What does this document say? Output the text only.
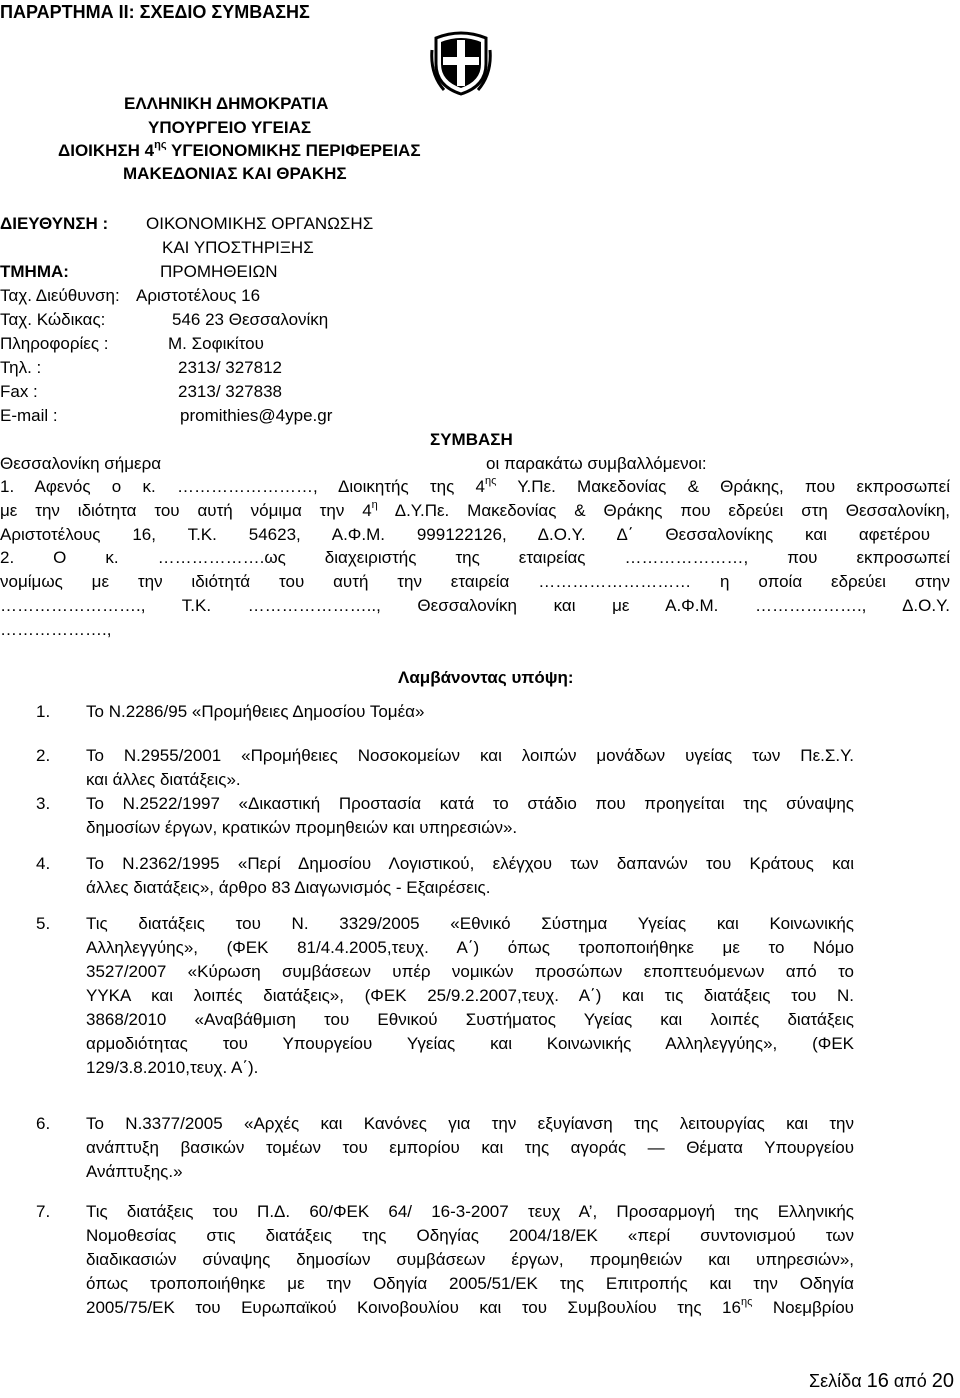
ΠΑΡΑΡΤΗΜΑ ΙΙ: ΣΧΕΔΙΟ ΣΥΜΒΑΣΗΣ
ΕΛΛΗΝΙΚΗ ΔΗΜΟΚΡΑΤΙΑ
ΥΠΟΥΡΓΕΙΟ ΥΓΕΙΑΣ
ΔΙΟΙΚΗΣΗ $4^{\eta\varsigma}$ ΥΓΕΙΟΝΟΜΙΚΗΣ ΠΕΡΙΦΕΡΕΙΑΣ
ΜΑΚΕΔΟΝΙΑΣ ΚΑΙ ΘΡΑΚΗΣ
ΔΙΕΥΘΥΝΣΗ : ΟΙΚΟΝΟΜΙΚΗΣ ΟΡΓΑΝΩΣΗΣ
ΚΑΙ ΥΠΟΣΤΗΡΙΞΗΣ
ΤΜΗΜΑ:	ΠΡΟΜΗΘΕΙΩΝ
Ταχ. Διεύθυνση: Αριστοτέλους 16
Ταχ. Κώδικας:	546 23 Θεσσαλονίκη
Πληροφορίες :	Μ. Σοφικίτου
Τηλ. :	2313/ 327812
Fax :	2313/ 327838
E-mail :	promithies@4ype.gr
ΣΥΜΒΑΣΗ
Θεσσαλονίκη σήμερα	οι παρακάτω συμβαλλόμενοι:
1. Αφενός ο κ. ……………………, Διοικητής της $4^{\eta\varsigma}$ Υ.Πε. Μακεδονίας & Θράκης, που εκπροσωπεί
με την ιδιότητα του αυτή νόμιμα την $4^\eta$ Δ.Υ.Πε. Μακεδονίας & Θράκης που εδρεύει στη Θεσσαλονίκη,
Αριστοτέλους 16, Τ.Κ. 54623, Α.Φ.Μ. 999122126, Δ.Ο.Υ. Δ΄ Θεσσαλονίκης και αφετέρου
2. Ο κ. ……………….ως διαχειριστής της εταιρείας …………………, που εκπροσωπεί
νομίμως με την ιδιότητά του αυτή την εταιρεία ……………………… η οποία εδρεύει στην
……………………., Τ.Κ. ………………….., Θεσσαλονίκη και με Α.Φ.Μ. ………………., Δ.Ο.Υ.
……………….,
Λαμβάνοντας υπόψη:
1. Το Ν.2286/95 «Προμήθειες Δημοσίου Τομέα»
2. Το Ν.2955/2001 «Προμήθειες Νοσοκομείων και λοιπών μονάδων υγείας των Πε.Σ.Υ.
και άλλες διατάξεις».
3. Το Ν.2522/1997 «Δικαστική Προστασία κατά το στάδιο που προηγείται της σύναψης
δημοσίων έργων, κρατικών προμηθειών και υπηρεσιών».
4. Το Ν.2362/1995 «Περί Δημοσίου Λογιστικού, ελέγχου των δαπανών του Κράτους και
άλλες διατάξεις», άρθρο 83 Διαγωνισμός - Εξαιρέσεις.
5. Τις διατάξεις του Ν. 3329/2005 «Εθνικό Σύστημα Υγείας και Κοινωνικής
Αλληλεγγύης», (ΦΕΚ 81/4.4.2005,τευχ. Α΄) όπως τροποποιήθηκε με το Νόμο
3527/2007 «Κύρωση συμβάσεων υπέρ νομικών προσώπων εποπτευόμενων από το
ΥΥΚΑ και λοιπές διατάξεις», (ΦΕΚ 25/9.2.2007,τευχ. Α΄) και τις διατάξεις του Ν.
3868/2010 «Αναβάθμιση του Εθνικού Συστήματος Υγείας και λοιπές διατάξεις
αρμοδιότητας του Υπουργείου Υγείας και Κοινωνικής Αλληλεγγύης», (ΦΕΚ
129/3.8.2010,τευχ. Α΄).
6. Το Ν.3377/2005 «Αρχές και Κανόνες για την εξυγίανση της λειτουργίας και την
ανάπτυξη βασικών τομέων του εμπορίου και της αγοράς — Θέματα Υπουργείου
Ανάπτυξης.»
7. Τις διατάξεις του Π.Δ. 60/ΦΕΚ 64/ 16-3-2007 τευχ Α’, Προσαρμογή της Ελληνικής
Νομοθεσίας στις διατάξεις της Οδηγίας 2004/18/ΕΚ «περί συντονισμού των
διαδικασιών σύναψης δημοσίων συμβάσεων έργων, προμηθειών και υπηρεσιών»,
όπως τροποποιήθηκε με την Οδηγία 2005/51/ΕΚ της Επιτροπής και την Οδηγία
2005/75/ΕΚ του Ευρωπαϊκού Κοινοβουλίου και του Συμβουλίου της $16^{\eta\varsigma}$ Νοεμβρίου
Σελίδα 16 από 20
